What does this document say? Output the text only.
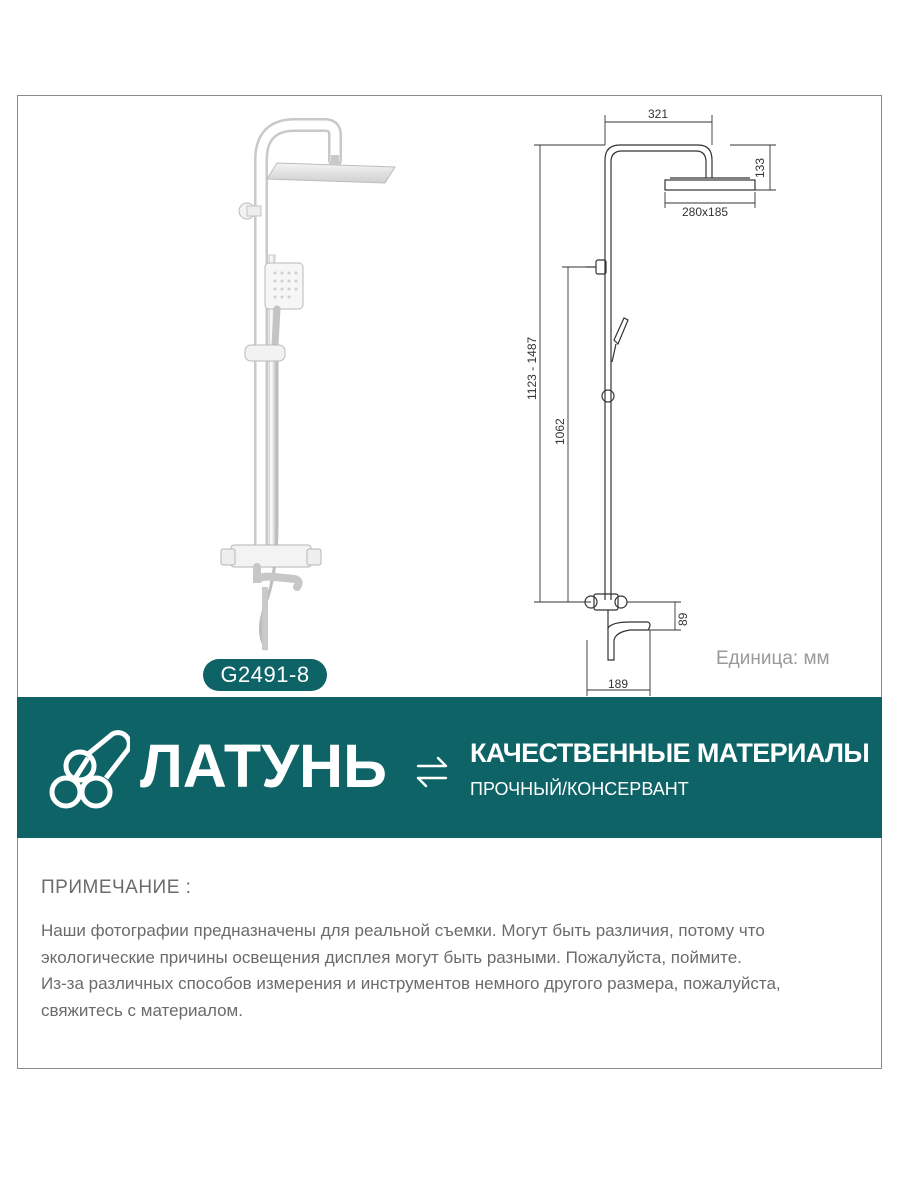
321
133
280x185
1123 - 1487
1062
89
189
G2491-8
Единица: мм
ЛАТУНЬ	КАЧЕСТВЕННЫЕ МАТЕРИАЛЫ
ПРОЧНЫЙ/КОНСЕРВАНТ
ПРИМЕЧАНИЕ :
Наши фотографии предназначены для реальной съемки. Могут быть различия, потому что
экологические причины освещения дисплея могут быть разными. Пожалуйста, поймите.
Из-за различных способов измерения и инструментов немного другого размера, пожалуйста,
свяжитесь с материалом.
